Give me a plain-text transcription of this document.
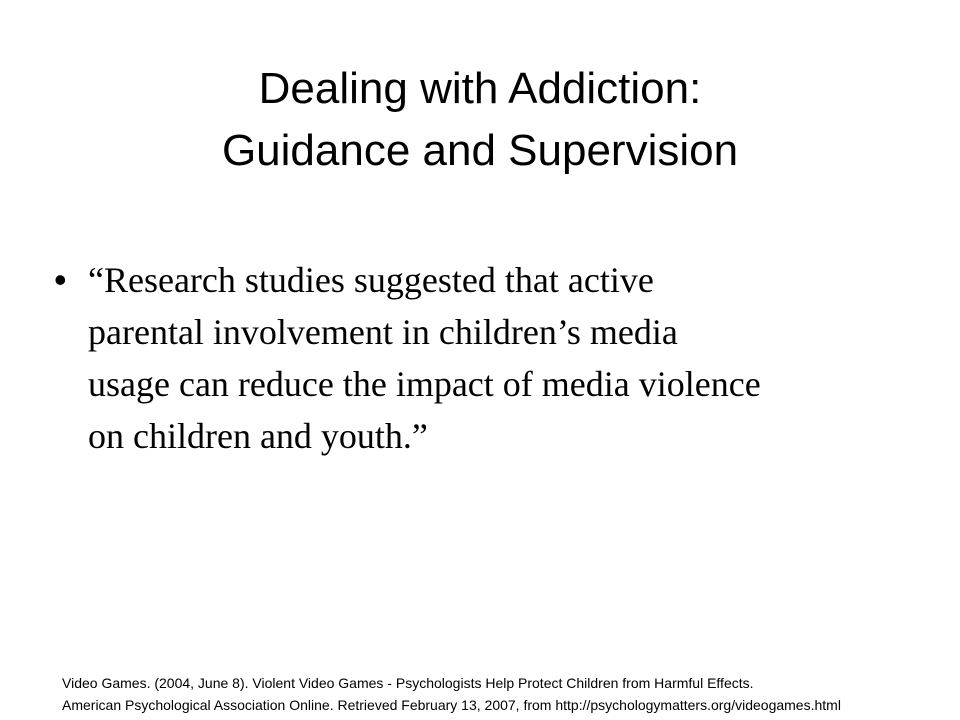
Dealing with Addiction:
Guidance and Supervision
• “Research studies suggested that active
parental involvement in children’s media
usage can reduce the impact of media violence
on children and youth.”
Video Games. (2004, June 8). Violent Video Games - Psychologists Help Protect Children from Harmful Effects.
American Psychological Association Online. Retrieved February 13, 2007, from http://psychologymatters.org/videogames.html
